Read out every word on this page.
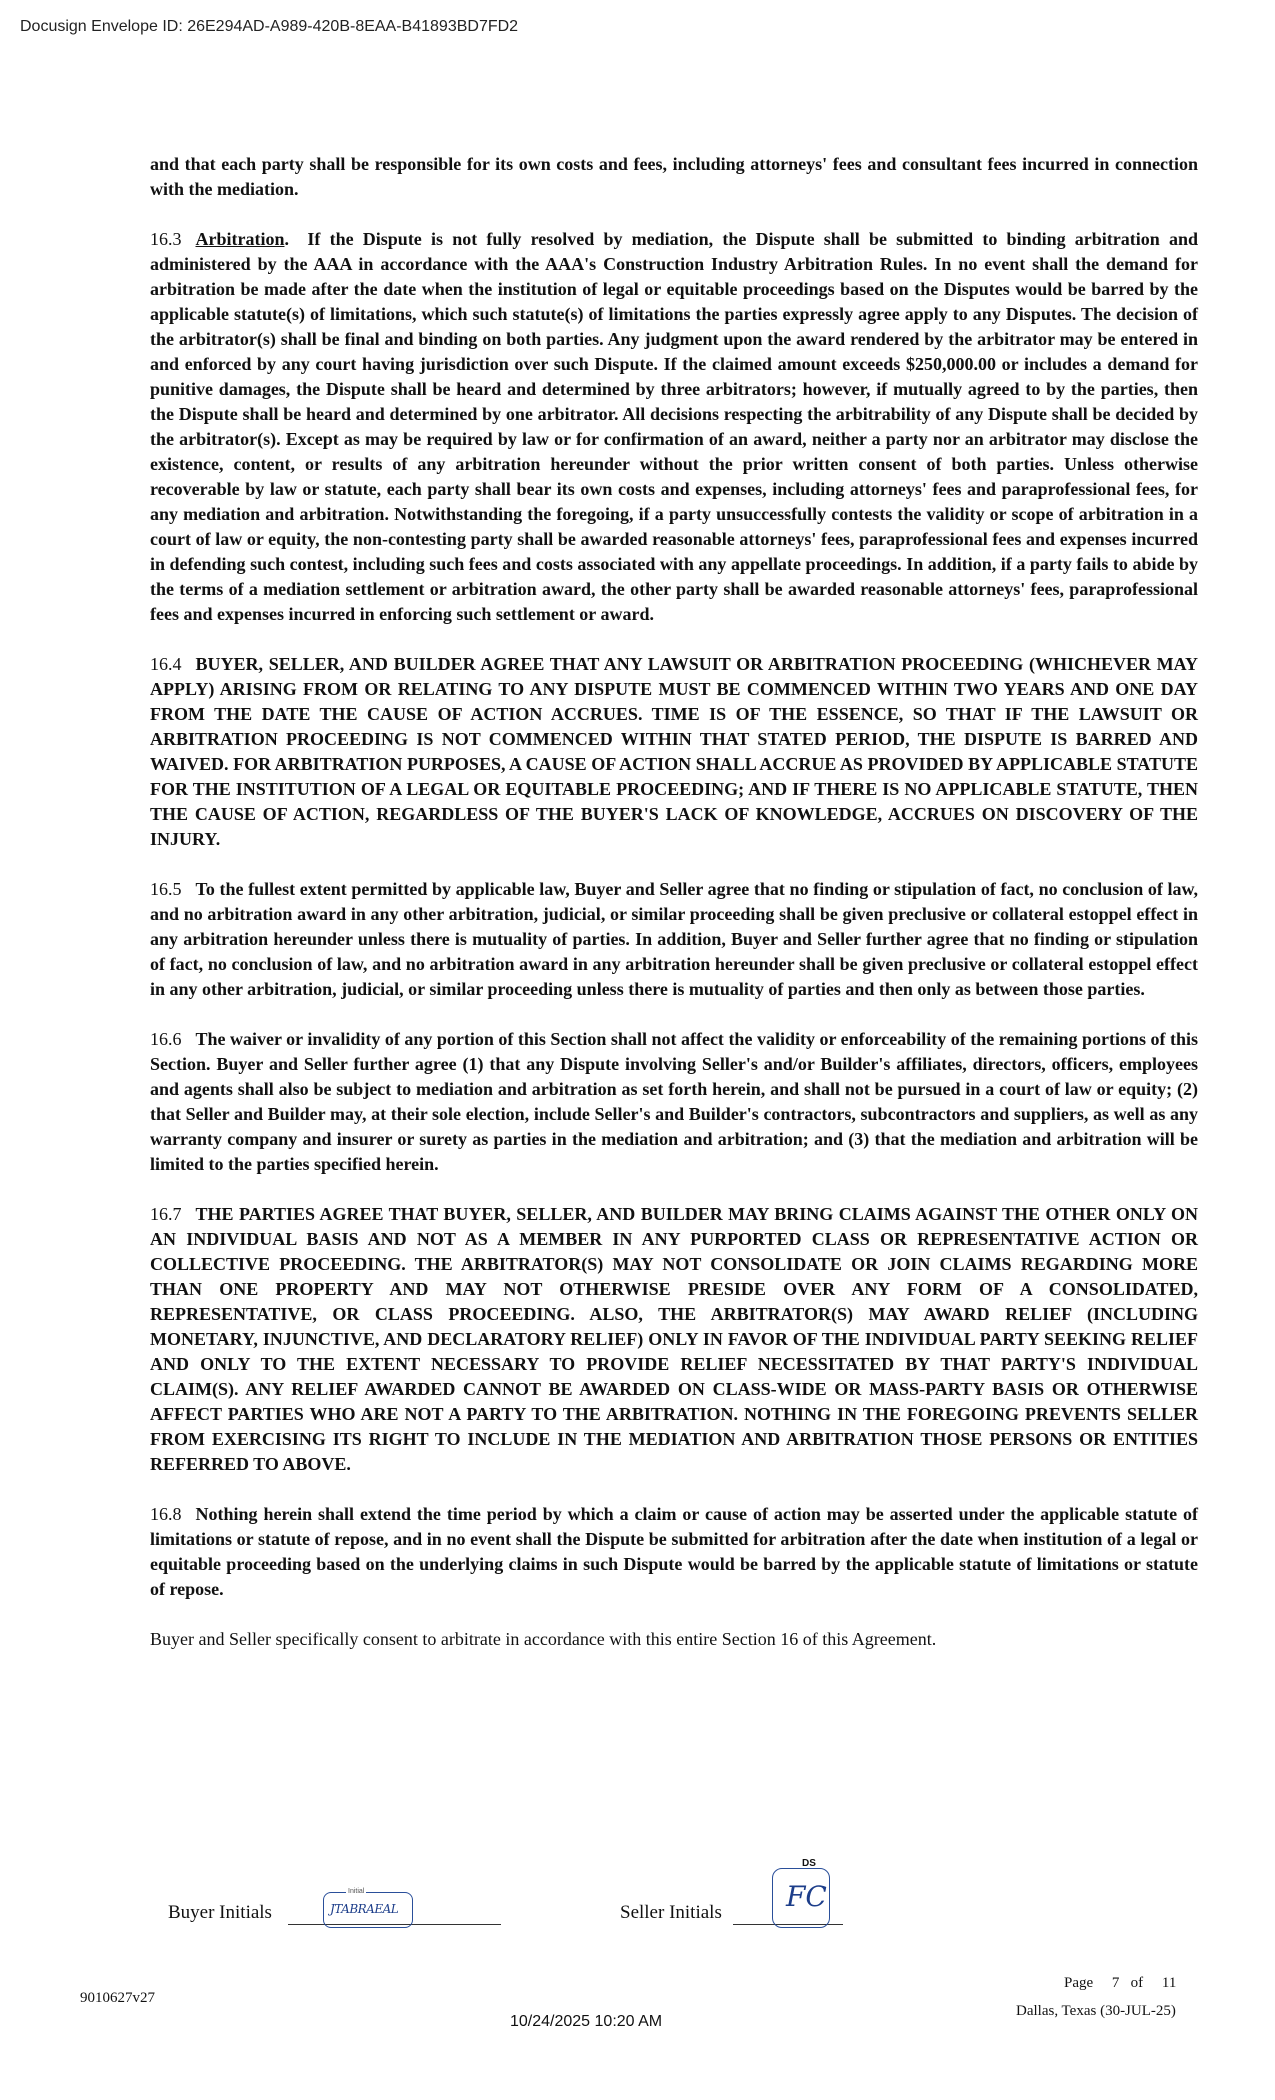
Docusign Envelope ID: 26E294AD-A989-420B-8EAA-B41893BD7FD2

and that each party shall be responsible for its own costs and fees, including attorneys' fees and consultant fees incurred in connection with the mediation.

16.3 Arbitration.  If the Dispute is not fully resolved by mediation, the Dispute shall be submitted to binding arbitration and administered by the AAA in accordance with the AAA's Construction Industry Arbitration Rules. In no event shall the demand for arbitration be made after the date when the institution of legal or equitable proceedings based on the Disputes would be barred by the applicable statute(s) of limitations, which such statute(s) of limitations the parties expressly agree apply to any Disputes. The decision of the arbitrator(s) shall be final and binding on both parties. Any judgment upon the award rendered by the arbitrator may be entered in and enforced by any court having jurisdiction over such Dispute. If the claimed amount exceeds $250,000.00 or includes a demand for punitive damages, the Dispute shall be heard and determined by three arbitrators; however, if mutually agreed to by the parties, then the Dispute shall be heard and determined by one arbitrator. All decisions respecting the arbitrability of any Dispute shall be decided by the arbitrator(s). Except as may be required by law or for confirmation of an award, neither a party nor an arbitrator may disclose the existence, content, or results of any arbitration hereunder without the prior written consent of both parties. Unless otherwise recoverable by law or statute, each party shall bear its own costs and expenses, including attorneys' fees and paraprofessional fees, for any mediation and arbitration. Notwithstanding the foregoing, if a party unsuccessfully contests the validity or scope of arbitration in a court of law or equity, the non-contesting party shall be awarded reasonable attorneys' fees, paraprofessional fees and expenses incurred in defending such contest, including such fees and costs associated with any appellate proceedings. In addition, if a party fails to abide by the terms of a mediation settlement or arbitration award, the other party shall be awarded reasonable attorneys' fees, paraprofessional fees and expenses incurred in enforcing such settlement or award.

16.4 BUYER, SELLER, AND BUILDER AGREE THAT ANY LAWSUIT OR ARBITRATION PROCEEDING (WHICHEVER MAY APPLY) ARISING FROM OR RELATING TO ANY DISPUTE MUST BE COMMENCED WITHIN TWO YEARS AND ONE DAY FROM THE DATE THE CAUSE OF ACTION ACCRUES. TIME IS OF THE ESSENCE, SO THAT IF THE LAWSUIT OR ARBITRATION PROCEEDING IS NOT COMMENCED WITHIN THAT STATED PERIOD, THE DISPUTE IS BARRED AND WAIVED. FOR ARBITRATION PURPOSES, A CAUSE OF ACTION SHALL ACCRUE AS PROVIDED BY APPLICABLE STATUTE FOR THE INSTITUTION OF A LEGAL OR EQUITABLE PROCEEDING; AND IF THERE IS NO APPLICABLE STATUTE, THEN THE CAUSE OF ACTION, REGARDLESS OF THE BUYER'S LACK OF KNOWLEDGE, ACCRUES ON DISCOVERY OF THE INJURY.

16.5 To the fullest extent permitted by applicable law, Buyer and Seller agree that no finding or stipulation of fact, no conclusion of law, and no arbitration award in any other arbitration, judicial, or similar proceeding shall be given preclusive or collateral estoppel effect in any arbitration hereunder unless there is mutuality of parties. In addition, Buyer and Seller further agree that no finding or stipulation of fact, no conclusion of law, and no arbitration award in any arbitration hereunder shall be given preclusive or collateral estoppel effect in any other arbitration, judicial, or similar proceeding unless there is mutuality of parties and then only as between those parties.

16.6 The waiver or invalidity of any portion of this Section shall not affect the validity or enforceability of the remaining portions of this Section. Buyer and Seller further agree (1) that any Dispute involving Seller's and/or Builder's affiliates, directors, officers, employees and agents shall also be subject to mediation and arbitration as set forth herein, and shall not be pursued in a court of law or equity; (2) that Seller and Builder may, at their sole election, include Seller's and Builder's contractors, subcontractors and suppliers, as well as any warranty company and insurer or surety as parties in the mediation and arbitration; and (3) that the mediation and arbitration will be limited to the parties specified herein.

16.7 THE PARTIES AGREE THAT BUYER, SELLER, AND BUILDER MAY BRING CLAIMS AGAINST THE OTHER ONLY ON AN INDIVIDUAL BASIS AND NOT AS A MEMBER IN ANY PURPORTED CLASS OR REPRESENTATIVE ACTION OR COLLECTIVE PROCEEDING. THE ARBITRATOR(S) MAY NOT CONSOLIDATE OR JOIN CLAIMS REGARDING MORE THAN ONE PROPERTY AND MAY NOT OTHERWISE PRESIDE OVER ANY FORM OF A CONSOLIDATED, REPRESENTATIVE, OR CLASS PROCEEDING. ALSO, THE ARBITRATOR(S) MAY AWARD RELIEF (INCLUDING MONETARY, INJUNCTIVE, AND DECLARATORY RELIEF) ONLY IN FAVOR OF THE INDIVIDUAL PARTY SEEKING RELIEF AND ONLY TO THE EXTENT NECESSARY TO PROVIDE RELIEF NECESSITATED BY THAT PARTY'S INDIVIDUAL CLAIM(S). ANY RELIEF AWARDED CANNOT BE AWARDED ON CLASS-WIDE OR MASS-PARTY BASIS OR OTHERWISE AFFECT PARTIES WHO ARE NOT A PARTY TO THE ARBITRATION. NOTHING IN THE FOREGOING PREVENTS SELLER FROM EXERCISING ITS RIGHT TO INCLUDE IN THE MEDIATION AND ARBITRATION THOSE PERSONS OR ENTITIES REFERRED TO ABOVE.

16.8 Nothing herein shall extend the time period by which a claim or cause of action may be asserted under the applicable statute of limitations or statute of repose, and in no event shall the Dispute be submitted for arbitration after the date when institution of a legal or equitable proceeding based on the underlying claims in such Dispute would be barred by the applicable statute of limitations or statute of repose.

Buyer and Seller specifically consent to arbitrate in accordance with this entire Section 16 of this Agreement.

Buyer Initials
Initial
JTABRAEAL	Seller Initials
DS
FC
9010627v27
Page 7 of 11
Dallas, Texas (30-JUL-25)
10/24/2025 10:20 AM
